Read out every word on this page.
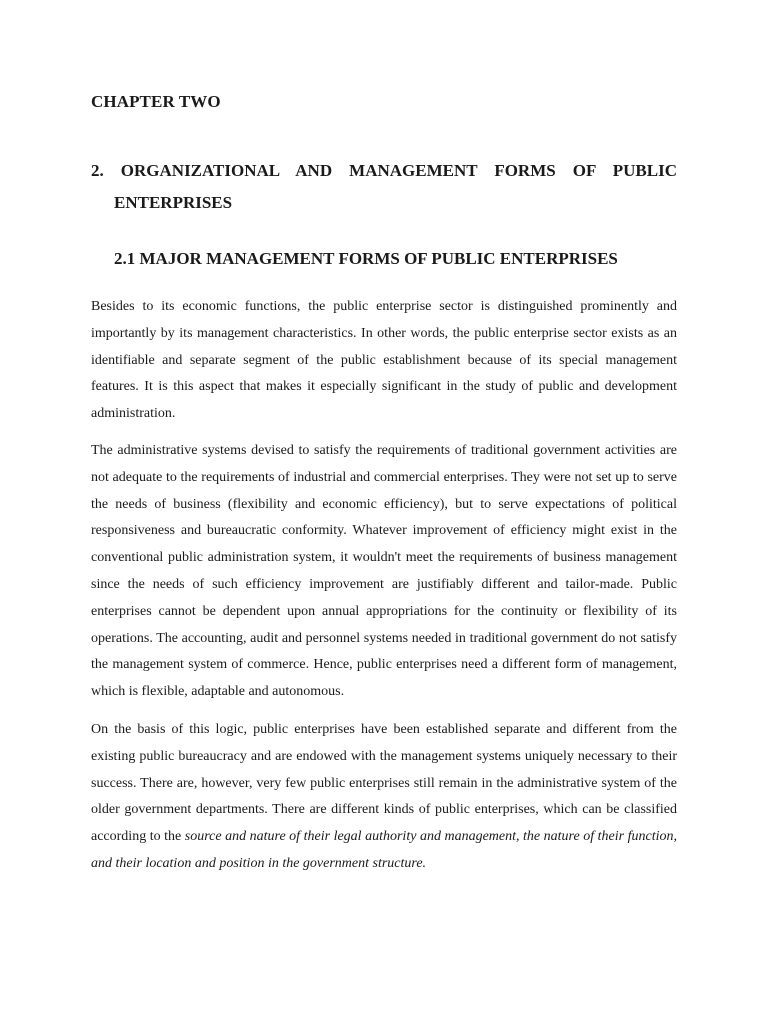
CHAPTER TWO
2. ORGANIZATIONAL AND MANAGEMENT FORMS OF PUBLIC
ENTERPRISES
2.1 MAJOR MANAGEMENT FORMS OF PUBLIC ENTERPRISES

Besides to its economic functions, the public enterprise sector is distinguished prominently and importantly by its management characteristics. In other words, the public enterprise sector exists as an identifiable and separate segment of the public establishment because of its special management features. It is this aspect that makes it especially significant in the study of public and development administration.

The administrative systems devised to satisfy the requirements of traditional government activities are not adequate to the requirements of industrial and commercial enterprises. They were not set up to serve the needs of business (flexibility and economic efficiency), but to serve expectations of political responsiveness and bureaucratic conformity. Whatever improvement of efficiency might exist in the conventional public administration system, it wouldn't meet the requirements of business management since the needs of such efficiency improvement are justifiably different and tailor-made. Public enterprises cannot be dependent upon annual appropriations for the continuity or flexibility of its operations. The accounting, audit and personnel systems needed in traditional government do not satisfy the management system of commerce. Hence, public enterprises need a different form of management, which is flexible, adaptable and autonomous.

On the basis of this logic, public enterprises have been established separate and different from the existing public bureaucracy and are endowed with the management systems uniquely necessary to their success. There are, however, very few public enterprises still remain in the administrative system of the older government departments. There are different kinds of public enterprises, which can be classified according to the source and nature of their legal authority and management, the nature of their function, and their location and position in the government structure.
